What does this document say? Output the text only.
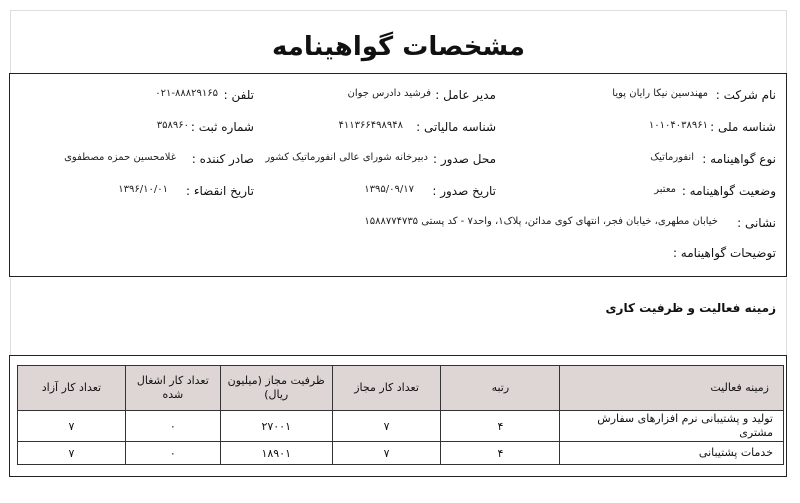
مشخصات گواهینامه
نام شرکت :
مهندسین نیکا رایان پویا
مدیر عامل :
فرشید دادرس جوان
تلفن :
۰۲۱-۸۸۸۲۹۱۶۵
شناسه ملی :
۱۰۱۰۴۰۳۸۹۶۱
شناسه مالیاتی :
۴۱۱۳۶۶۴۹۸۹۴۸
شماره ثبت :
۳۵۸۹۶۰
نوع گواهینامه :
انفورماتیک
محل صدور :
دبیرخانه شورای عالی انفورماتیک کشور
صادر کننده :
غلامحسین حمزه مصطفوی
وضعیت گواهینامه :
معتبر
تاریخ صدور :
۱۳۹۵/۰۹/۱۷
تاریخ انقضاء :
۱۳۹۶/۱۰/۰۱
نشانی :
خیابان مطهری، خیابان فجر، انتهای کوی مدائن، پلاک۱، واحد۷ - کد پستی ۱۵۸۸۷۷۴۷۳۵
توضیحات گواهینامه :
زمینه فعالیت و ظرفیت کاری
زمینه فعالیت	رتبه	تعداد کار مجاز	ظرفیت مجاز (میلیون ریال)	تعداد کار اشغال شده	تعداد کار آزاد
تولید و پشتیبانی نرم افزارهای سفارش مشتری	۴	۷	۲۷۰۰۱	۰	۷
خدمات پشتیبانی	۴	۷	۱۸۹۰۱	۰	۷
